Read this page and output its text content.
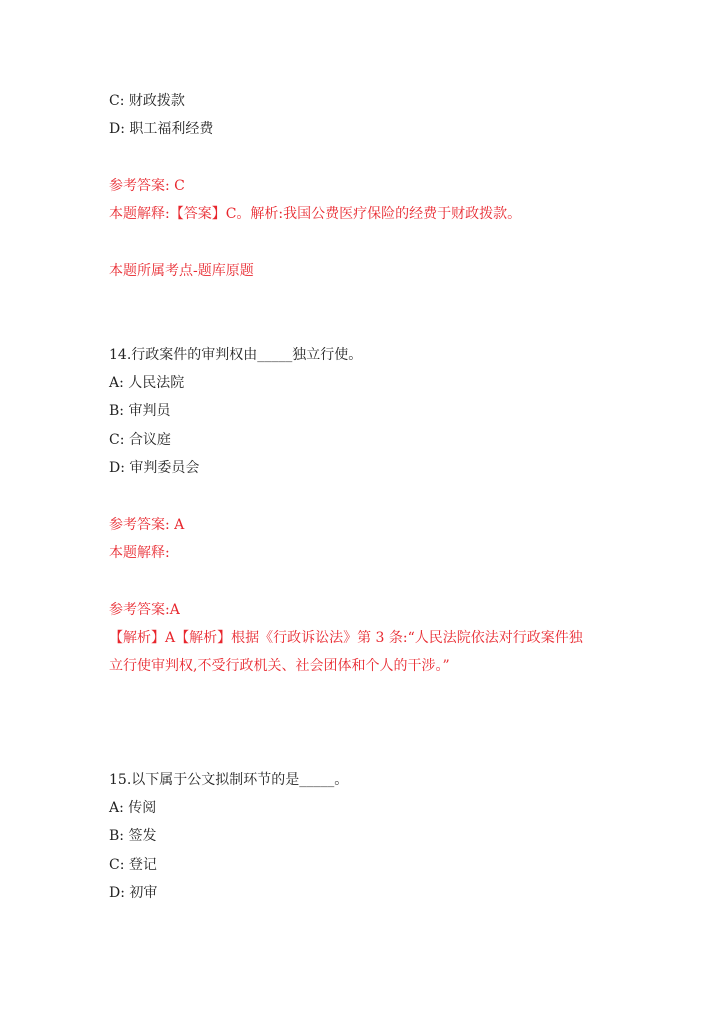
C: 财政拨款
D: 职工福利经费
参考答案: C
本题解释:【答案】C。解析:我国公费医疗保险的经费于财政拨款。
本题所属考点-题库原题
14.行政案件的审判权由_____独立行使。
A: 人民法院
B: 审判员
C: 合议庭
D: 审判委员会
参考答案: A
本题解释:
参考答案:A
【解析】A【解析】根据《行政诉讼法》第 3 条:“人民法院依法对行政案件独
立行使审判权,不受行政机关、社会团体和个人的干涉。”
15.以下属于公文拟制环节的是_____。
A: 传阅
B: 签发
C: 登记
D: 初审
